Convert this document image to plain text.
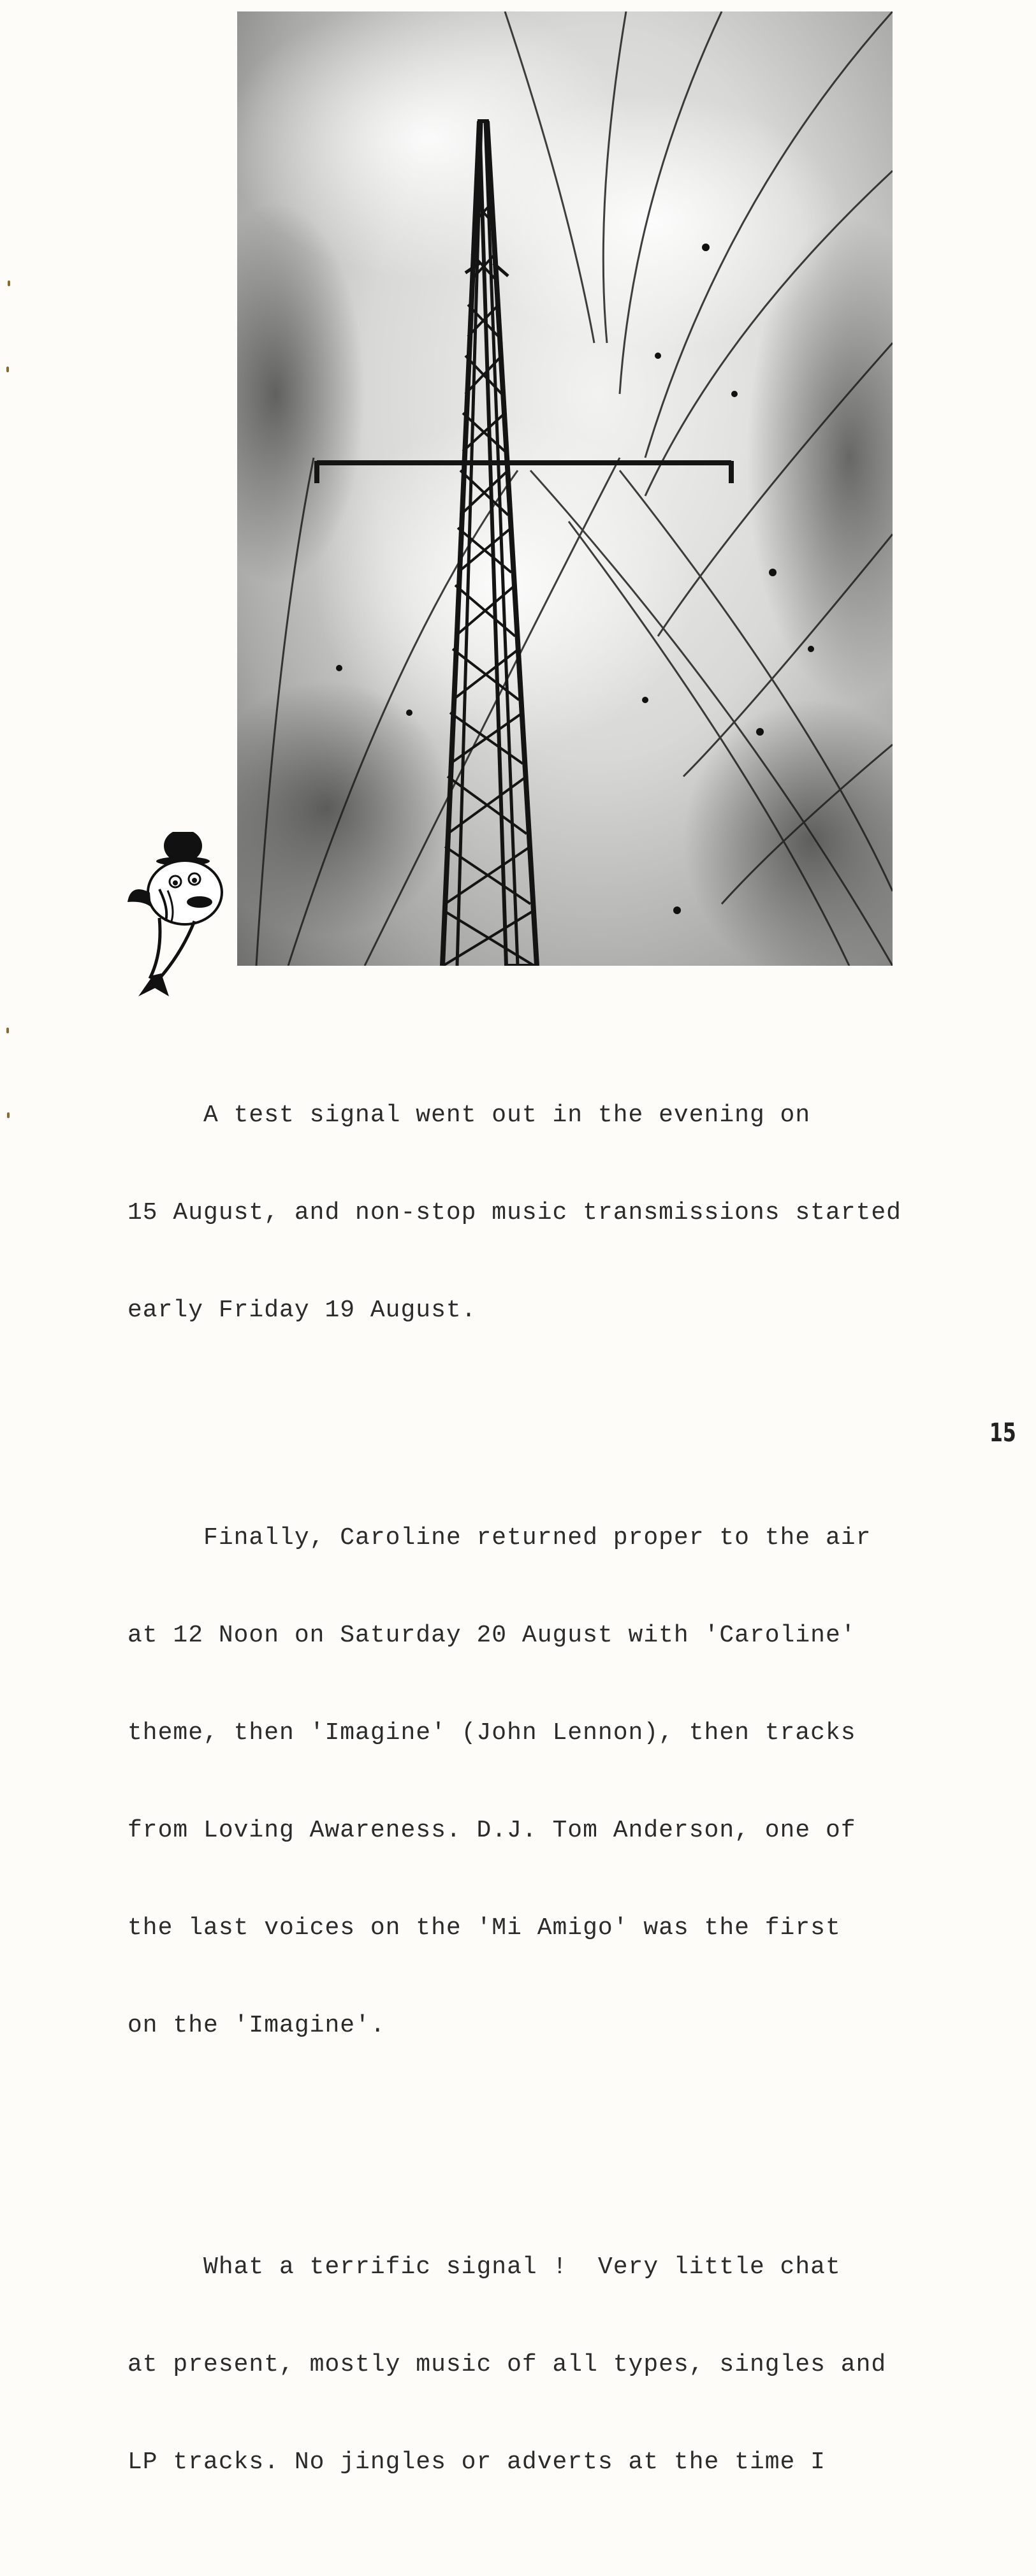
A test signal went out in the evening on

15 August, and non-stop music transmissions started

early Friday 19 August.

Finally, Caroline returned proper to the air

at 12 Noon on Saturday 20 August with 'Caroline'

theme, then 'Imagine' (John Lennon), then tracks

from Loving Awareness. D.J. Tom Anderson, one of

the last voices on the 'Mi Amigo' was the first

on the 'Imagine'.

What a terrific signal !  Very little chat

at present, mostly music of all types, singles and

LP tracks. No jingles or adverts at the time I

15
